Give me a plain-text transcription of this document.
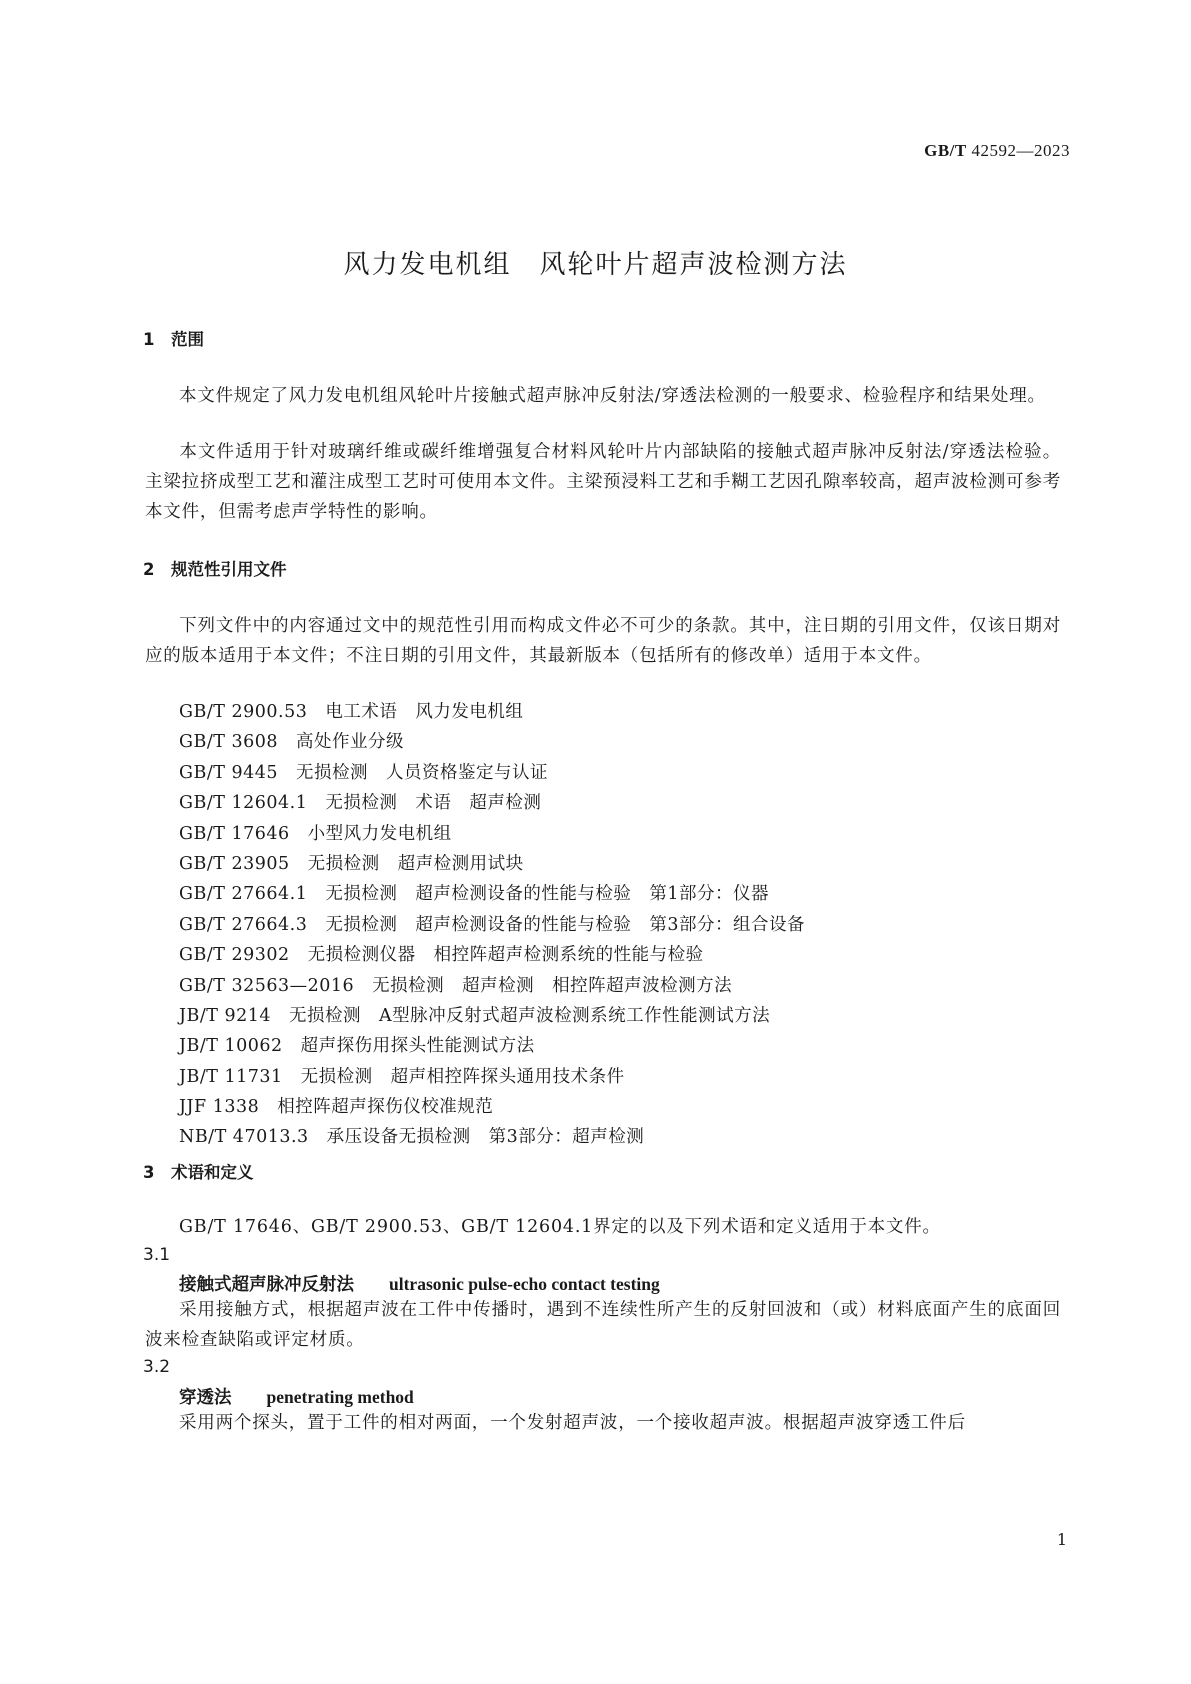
GB/T 42592—2023
风力发电机组　风轮叶片超声波检测方法
1　范围
本文件规定了风力发电机组风轮叶片接触式超声脉冲反射法/穿透法检测的一般要求、检验程序和结果处理。
本文件适用于针对玻璃纤维或碳纤维增强复合材料风轮叶片内部缺陷的接触式超声脉冲反射法/穿透法检验。主梁拉挤成型工艺和灌注成型工艺时可使用本文件。主梁预浸料工艺和手糊工艺因孔隙率较高，超声波检测可参考本文件，但需考虑声学特性的影响。
2　规范性引用文件
下列文件中的内容通过文中的规范性引用而构成文件必不可少的条款。其中，注日期的引用文件，仅该日期对应的版本适用于本文件；不注日期的引用文件，其最新版本（包括所有的修改单）适用于本文件。
GB/T 2900.53　电工术语　风力发电机组
GB/T 3608　高处作业分级
GB/T 9445　无损检测　人员资格鉴定与认证
GB/T 12604.1　无损检测　术语　超声检测
GB/T 17646　小型风力发电机组
GB/T 23905　无损检测　超声检测用试块
GB/T 27664.1　无损检测　超声检测设备的性能与检验　第1部分：仪器
GB/T 27664.3　无损检测　超声检测设备的性能与检验　第3部分：组合设备
GB/T 29302　无损检测仪器　相控阵超声检测系统的性能与检验
GB/T 32563—2016　无损检测　超声检测　相控阵超声波检测方法
JB/T 9214　无损检测　A型脉冲反射式超声波检测系统工作性能测试方法
JB/T 10062　超声探伤用探头性能测试方法
JB/T 11731　无损检测　超声相控阵探头通用技术条件
JJF 1338　相控阵超声探伤仪校准规范
NB/T 47013.3　承压设备无损检测　第3部分：超声检测
3　术语和定义
GB/T 17646、GB/T 2900.53、GB/T 12604.1界定的以及下列术语和定义适用于本文件。
3.1
接触式超声脉冲反射法　　 ultrasonic pulse-echo contact testing
采用接触方式，根据超声波在工件中传播时，遇到不连续性所产生的反射回波和（或）材料底面产生的底面回波来检查缺陷或评定材质。
3.2
穿透法　　 penetrating method
采用两个探头，置于工件的相对两面，一个发射超声波，一个接收超声波。根据超声波穿透工件后
1
